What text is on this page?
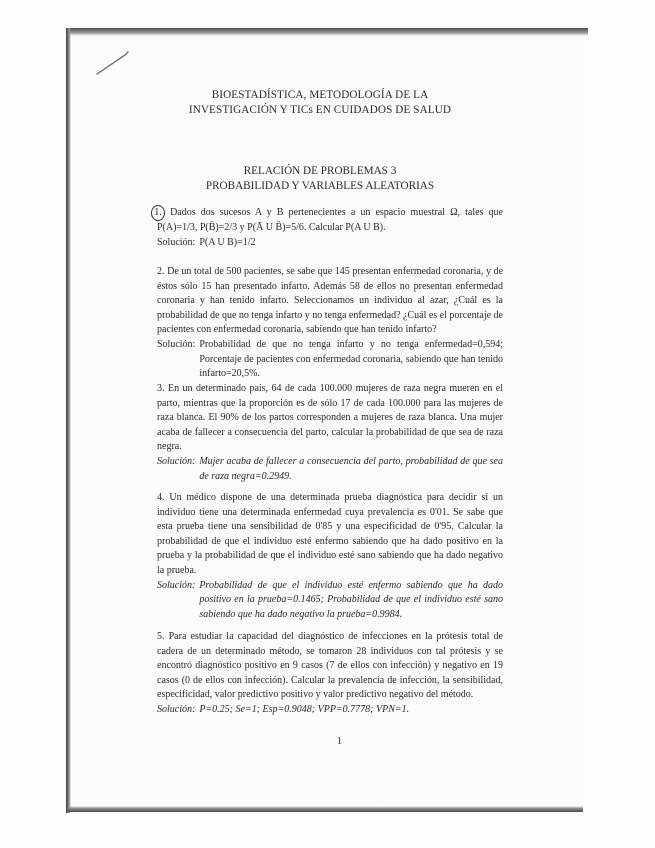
BIOESTADÍSTICA, METODOLOGÍA DE LA
INVESTIGACIÓN Y TICs EN CUIDADOS DE SALUD
RELACIÓN DE PROBLEMAS 3
PROBABILIDAD Y VARIABLES ALEATORIAS

1. Dados dos sucesos A y B pertenecientes a un espacio muestral Ω, tales que P(A)=1/3, P(B̄)=2/3 y P(Ā U B̄)=5/6. Calcular P(A U B).

Solución: P(A U B)=1/2

2. De un total de 500 pacientes, se sabe que 145 presentan enfermedad coronaria, y de éstos sólo 15 han presentado infarto. Además 58 de ellos no presentan enfermedad coronaria y han tenido infarto. Seleccionamos un individuo al azar, ¿Cuál es la probabilidad de que no tenga infarto y no tenga enfermedad? ¿Cuál es el porcentaje de pacientes con enfermedad coronaria, sabiendo que han tenido infarto?

Solución: Probabilidad de que no tenga infarto y no tenga enfermedad=0,594; Porcentaje de pacientes con enfermedad coronaria, sabiendo que han tenido infarto=20,5%.

3. En un determinado país, 64 de cada 100.000 mujeres de raza negra mueren en el parto, mientras que la proporción es de sólo 17 de cada 100.000 para las mujeres de raza blanca. El 90% de los partos corresponden a mujeres de raza blanca. Una mujer acaba de fallecer a consecuencia del parto, calcular la probabilidad de que sea de raza negra.

Solución: Mujer acaba de fallecer a consecuencia del parto, probabilidad de que sea de raza negra=0.2949.

4. Un médico dispone de una determinada prueba diagnóstica para decidir si un individuo tiene una determinada enfermedad cuya prevalencia es 0'01. Se sabe que esta prueba tiene una sensibilidad de 0'85 y una especificidad de 0'95. Calcular la probabilidad de que el individuo esté enfermo sabiendo que ha dado positivo en la prueba y la probabilidad de que el individuo esté sano sabiendo que ha dado negativo la prueba.

Solución: Probabilidad de que el individuo esté enfermo sabiendo que ha dado positivo en la prueba=0.1465; Probabilidad de que el individuo esté sano sabiendo que ha dado negativo la prueba=0.9984.

5. Para estudiar la capacidad del diagnóstico de infecciones en la prótesis total de cadera de un determinado método, se tomaron 28 individuos con tal prótesis y se encontró diagnóstico positivo en 9 casos (7 de ellos con infección) y negativo en 19 casos (0 de ellos con infección). Calcular la prevalencia de infección, la sensibilidad, especificidad, valor predictivo positivo y valor predictivo negativo del método.

Solución: P=0.25; Se=1; Esp=0.9048; VPP=0.7778; VPN=1.
1
